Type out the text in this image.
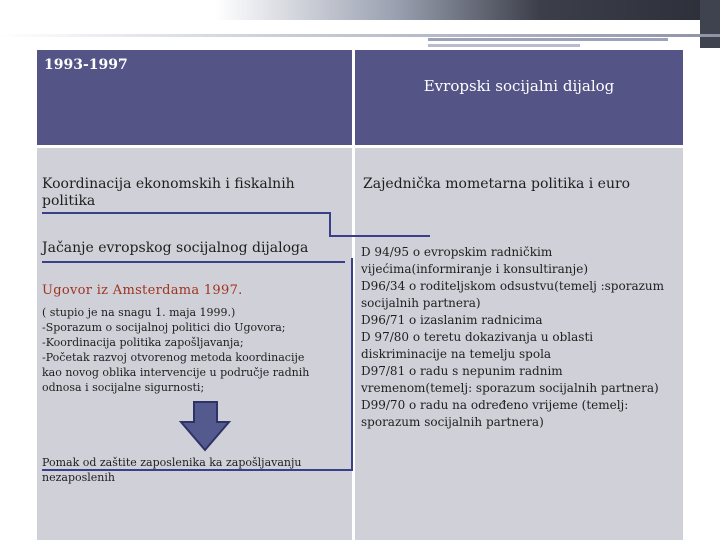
1993-1997
Evropski socijalni dijalog
Koordinacija ekonomskih i fiskalnih politika
Jačanje evropskog socijalnog dijaloga
Ugovor iz Amsterdama 1997.
( stupio je na snagu 1. maja 1999.)
-Sporazum o socijalnoj politici dio Ugovora;
-Koordinacija politika zapošljavanja;
-Početak razvoj otvorenog metoda koordinacije
kao novog oblika intervencije u područje radnih
odnosa i socijalne sigurnosti;
Pomak od zaštite zaposlenika ka zapošljavanju nezaposlenih
Zajednička mometarna politika i euro
D 94/95 o evropskim radničkim
vijećima(informiranje i konsultiranje)
D96/34 o roditeljskom odsustvu(temelj :sporazum
socijalnih partnera)
D96/71 o izaslanim radnicima
D 97/80 o teretu dokazivanja u oblasti
diskriminacije na temelju spola
D97/81 o radu s nepunim radnim
vremenom(temelj: sporazum socijalnih partnera)
D99/70 o radu na određeno vrijeme (temelj:
sporazum socijalnih partnera)
